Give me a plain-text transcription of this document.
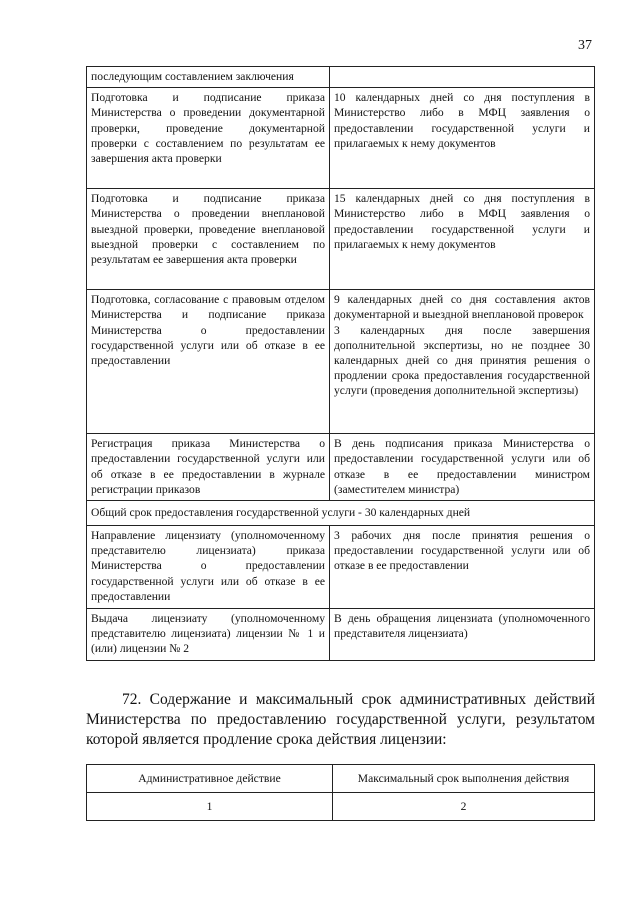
37
последующим составлением заключения	
Подготовка и подписание приказа Министерства о проведении документарной проверки, проведение документарной проверки с составлением по результатам ее завершения акта проверки	10 календарных дней со дня поступления в Министерство либо в МФЦ заявления о предоставлении государственной услуги и прилагаемых к нему документов
Подготовка и подписание приказа Министерства о проведении внеплановой выездной проверки, проведение внеплановой выездной проверки с составлением по результатам ее завершения акта проверки	15 календарных дней со дня поступления в Министерство либо в МФЦ заявления о предоставлении государственной услуги и прилагаемых к нему документов
Подготовка, согласование с правовым отделом Министерства и подписание приказа Министерства о предоставлении государственной услуги или об отказе в ее предоставлении	9 календарных дней со дня составления актов документарной и выездной внеплановой проверок
3 календарных дня после завершения дополнительной экспертизы, но не позднее 30 календарных дней со дня принятия решения о продлении срока предоставления государственной услуги (проведения дополнительной экспертизы)
Регистрация приказа Министерства о предоставлении государственной услуги или об отказе в ее предоставлении в журнале регистрации приказов	В день подписания приказа Министерства о предоставлении государственной услуги или об отказе в ее предоставлении министром (заместителем министра)
Общий срок предоставления государственной услуги - 30 календарных дней	
Направление лицензиату (уполномоченному представителю лицензиата) приказа Министерства о предоставлении государственной услуги или об отказе в ее предоставлении	3 рабочих дня после принятия решения о предоставлении государственной услуги или об отказе в ее предоставлении
Выдача лицензиату (уполномоченному представителю лицензиата) лицензии № 1 и (или) лицензии № 2	В день обращения лицензиата (уполномоченного представителя лицензиата)
72. Содержание и максимальный срок административных действий Министерства по предоставлению государственной услуги, результатом которой является продление срока действия лицензии:
Административное действие	Максимальный срок выполнения действия
1	2
